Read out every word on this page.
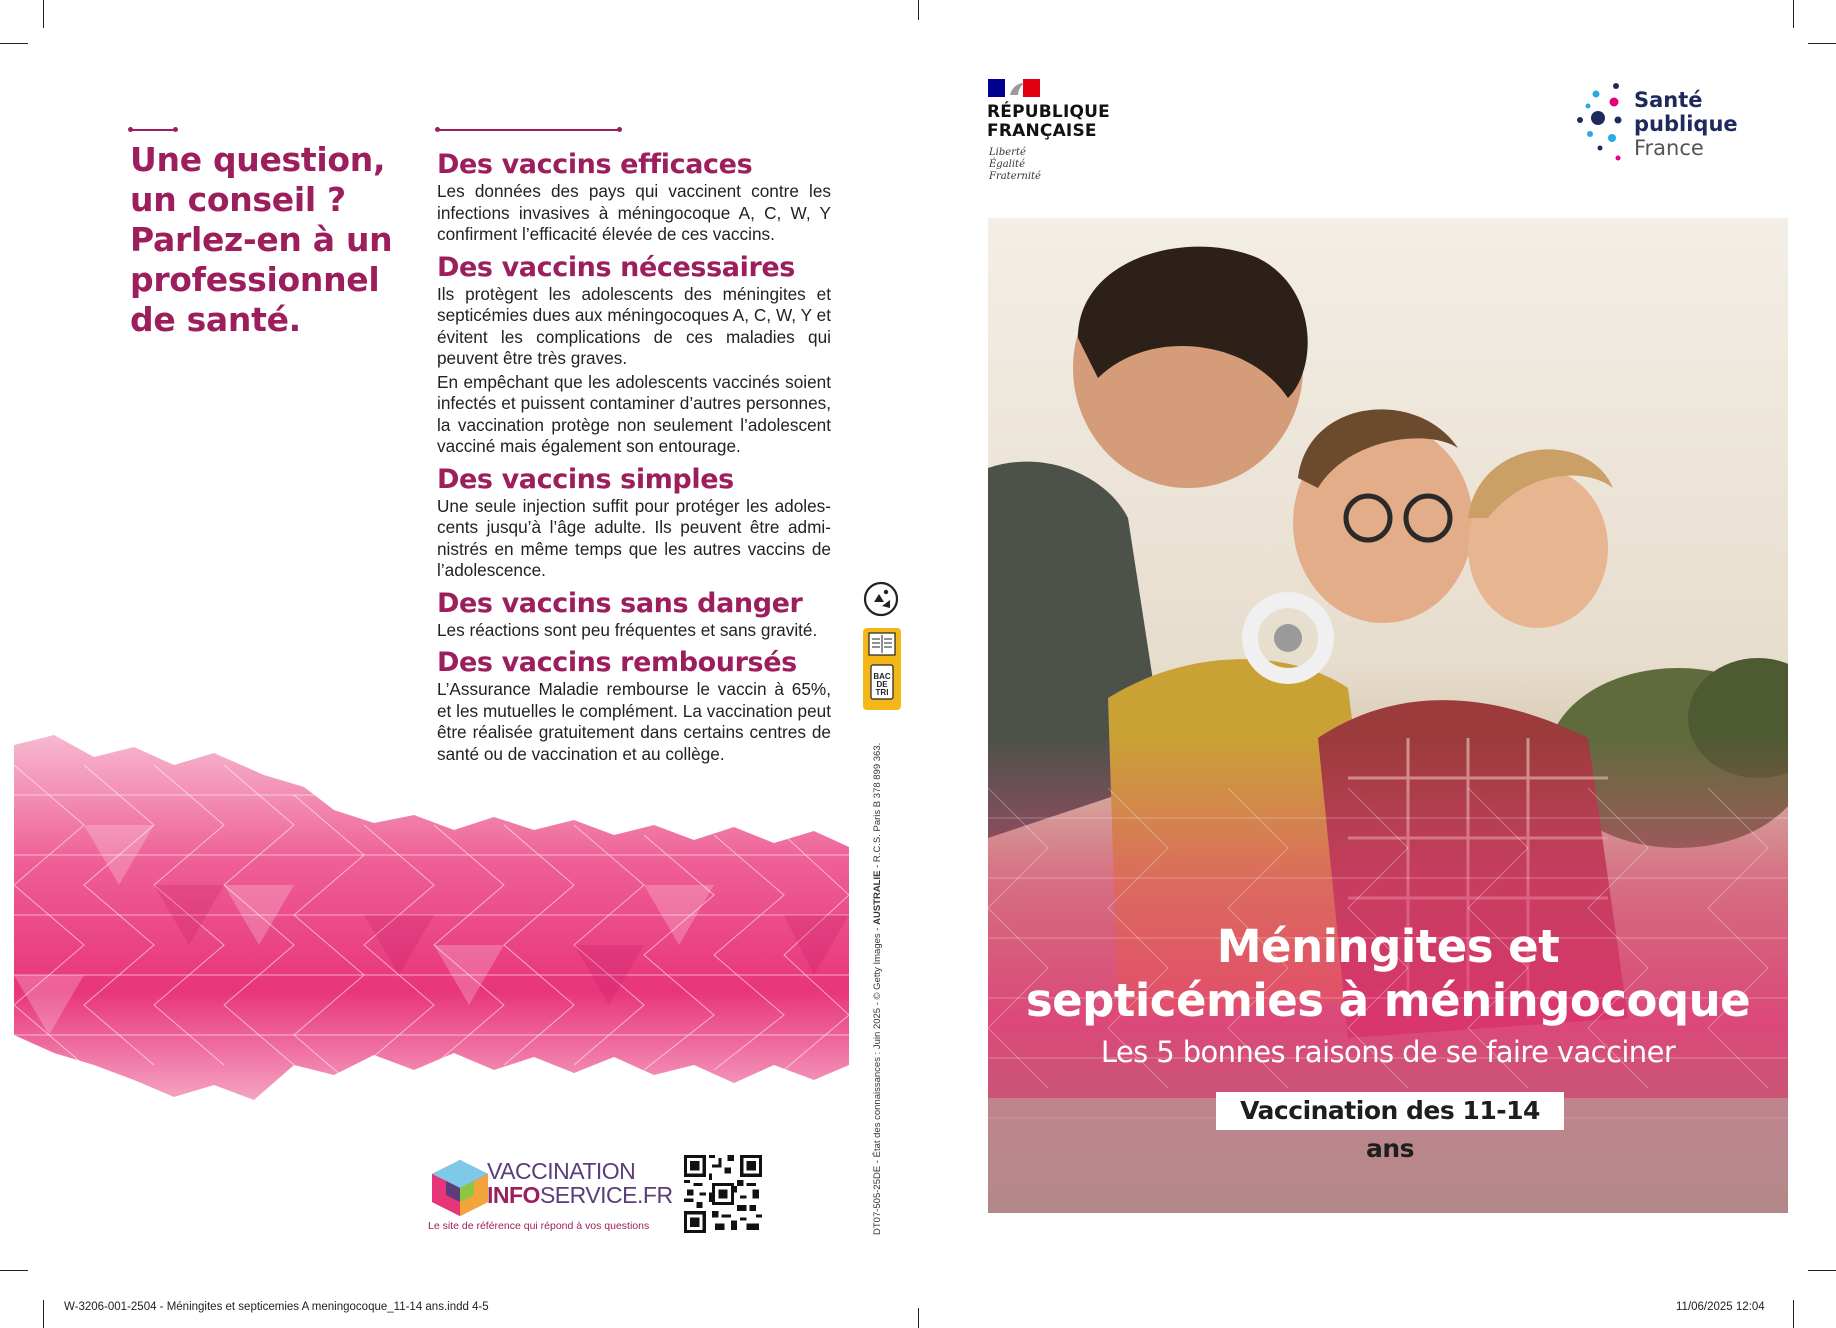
Une question,
un conseil ?
Parlez-en à un
professionnel
de santé.
Des vaccins efficaces

Les données des pays qui vaccinent contre les infections invasives à méningocoque A, C, W, Y confirment l’efficacité élevée de ces vaccins.

Des vaccins nécessaires

Ils protègent les adolescents des méningites et septicémies dues aux méningocoques A, C, W, Y et évitent les complications de ces maladies qui peuvent être très graves.

En empêchant que les adolescents vaccinés soient infectés et puissent contaminer d’autres personnes, la vaccination protège non seulement l’adolescent vacciné mais également son entourage.

Des vaccins simples

Une seule injection suffit pour protéger les adolescents jusqu’à l’âge adulte. Ils peuvent être administrés en même temps que les autres vaccins de l’adolescence.

Des vaccins sans danger

Les réactions sont peu fréquentes et sans gravité.

Des vaccins remboursés

L’Assurance Maladie rembourse le vaccin à 65%, et les mutuelles le complément. La vaccination peut être réalisée gratuitement dans certains centres de santé ou de vaccination et au collège.

VACCINATION
INFOSERVICE.FR
Le site de référence qui répond à vos questions

BAC
DE
TRI
DT07-505-25DE - État des connaissances : Juin 2025 - © Getty Images - AUSTRALIE - R.C.S. Paris B 378 899 363.
RÉPUBLIQUE
FRANÇAISE
Liberté
Égalité
Fraternité
Santé
publique
France
Méningites et
septicémies à méningocoque
Les 5 bonnes raisons de se faire vacciner
Vaccination des 11-14 ans
W-3206-001-2504 - Méningites et septicemies A meningocoque_11-14 ans.indd 4-5	11/06/2025 12:04
